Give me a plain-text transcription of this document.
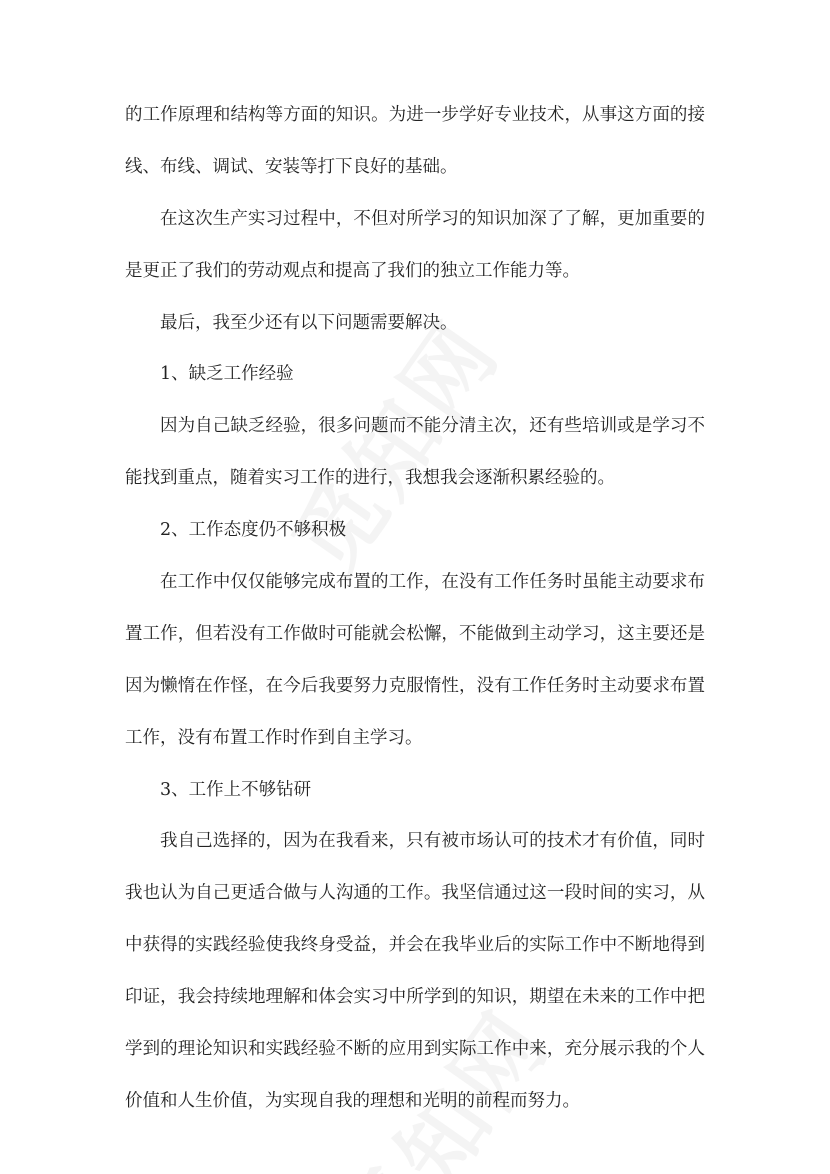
的工作原理和结构等方面的知识。为进一步学好专业技术，从事这方面的接
线、布线、调试、安装等打下良好的基础。
在这次生产实习过程中，不但对所学习的知识加深了了解，更加重要的
是更正了我们的劳动观点和提高了我们的独立工作能力等。
最后，我至少还有以下问题需要解决。
1、缺乏工作经验
因为自己缺乏经验，很多问题而不能分清主次，还有些培训或是学习不
能找到重点，随着实习工作的进行，我想我会逐渐积累经验的。
2、工作态度仍不够积极
在工作中仅仅能够完成布置的工作，在没有工作任务时虽能主动要求布
置工作，但若没有工作做时可能就会松懈，不能做到主动学习，这主要还是
因为懒惰在作怪，在今后我要努力克服惰性，没有工作任务时主动要求布置
工作，没有布置工作时作到自主学习。
3、工作上不够钻研
我自己选择的，因为在我看来，只有被市场认可的技术才有价值，同时
我也认为自己更适合做与人沟通的工作。我坚信通过这一段时间的实习，从
中获得的实践经验使我终身受益，并会在我毕业后的实际工作中不断地得到
印证，我会持续地理解和体会实习中所学到的知识，期望在未来的工作中把
学到的理论知识和实践经验不断的应用到实际工作中来，充分展示我的个人
价值和人生价值，为实现自我的理想和光明的前程而努力。
